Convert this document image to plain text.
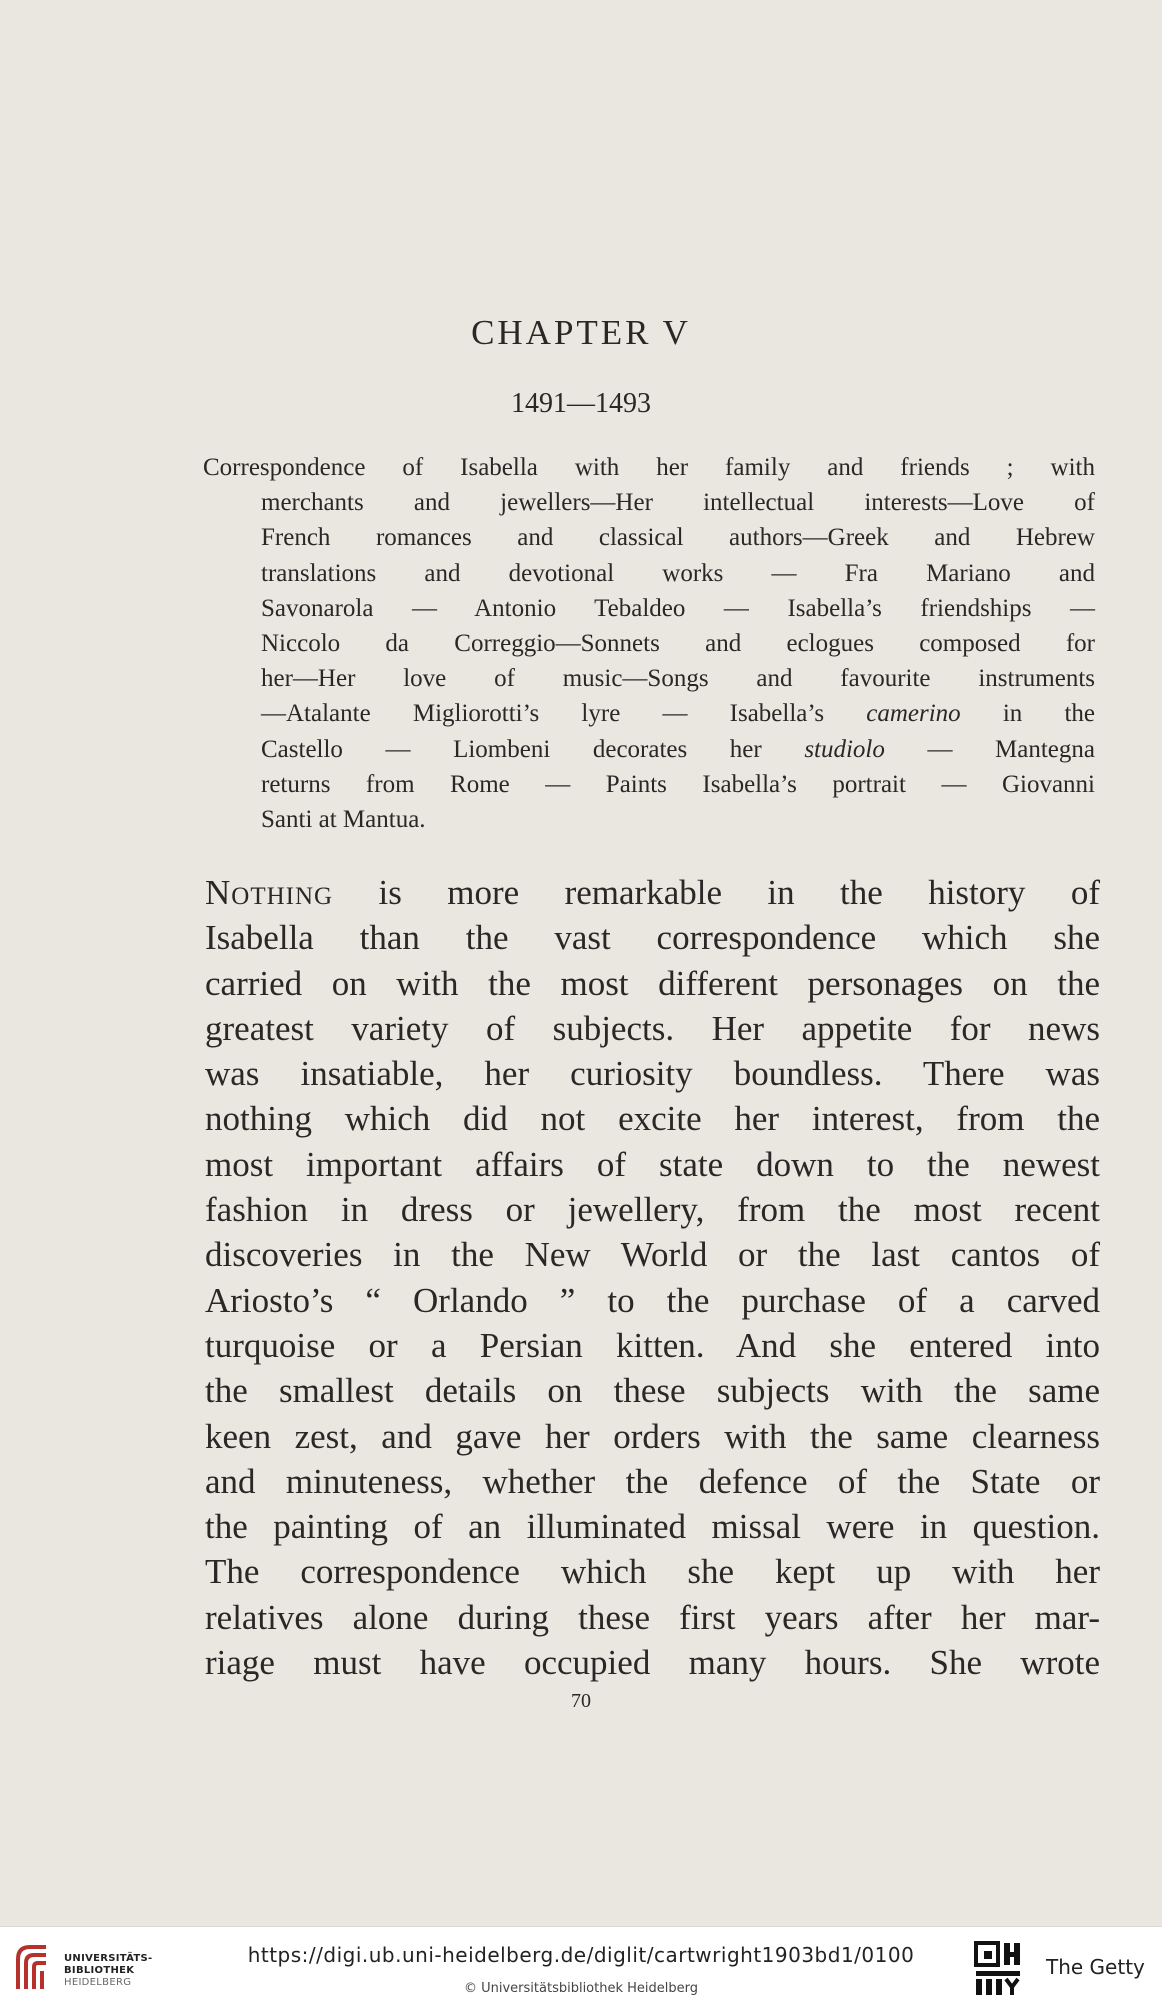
CHAPTER V
1491—1493
Correspondence of Isabella with her family and friends ; with
merchants and jewellers—Her intellectual interests—Love of
French romances and classical authors—Greek and Hebrew
translations and devotional works — Fra Mariano and
Savonarola — Antonio Tebaldeo — Isabella’s friendships —
Niccolo da Correggio—Sonnets and eclogues composed for
her—Her love of music—Songs and favourite instruments
—Atalante Migliorotti’s lyre — Isabella’s camerino in the
Castello — Liombeni decorates her studiolo — Mantegna
returns from Rome — Paints Isabella’s portrait — Giovanni
Santi at Mantua.
Nothing is more remarkable in the history of
Isabella than the vast correspondence which she
carried on with the most different personages on the
greatest variety of subjects. Her appetite for news
was insatiable, her curiosity boundless. There was
nothing which did not excite her interest, from the
most important affairs of state down to the newest
fashion in dress or jewellery, from the most recent
discoveries in the New World or the last cantos of
Ariosto’s “ Orlando ” to the purchase of a carved
turquoise or a Persian kitten. And she entered into
the smallest details on these subjects with the same
keen zest, and gave her orders with the same clearness
and minuteness, whether the defence of the State or
the painting of an illuminated missal were in question.
The correspondence which she kept up with her
relatives alone during these first years after her mar-
riage must have occupied many hours. She wrote

70

UNIVERSITÄTS-
BIBLIOTHEK
HEIDELBERG
https://digi.ub.uni-heidelberg.de/diglit/cartwright1903bd1/0100
© Universitätsbibliothek Heidelberg
The Getty
